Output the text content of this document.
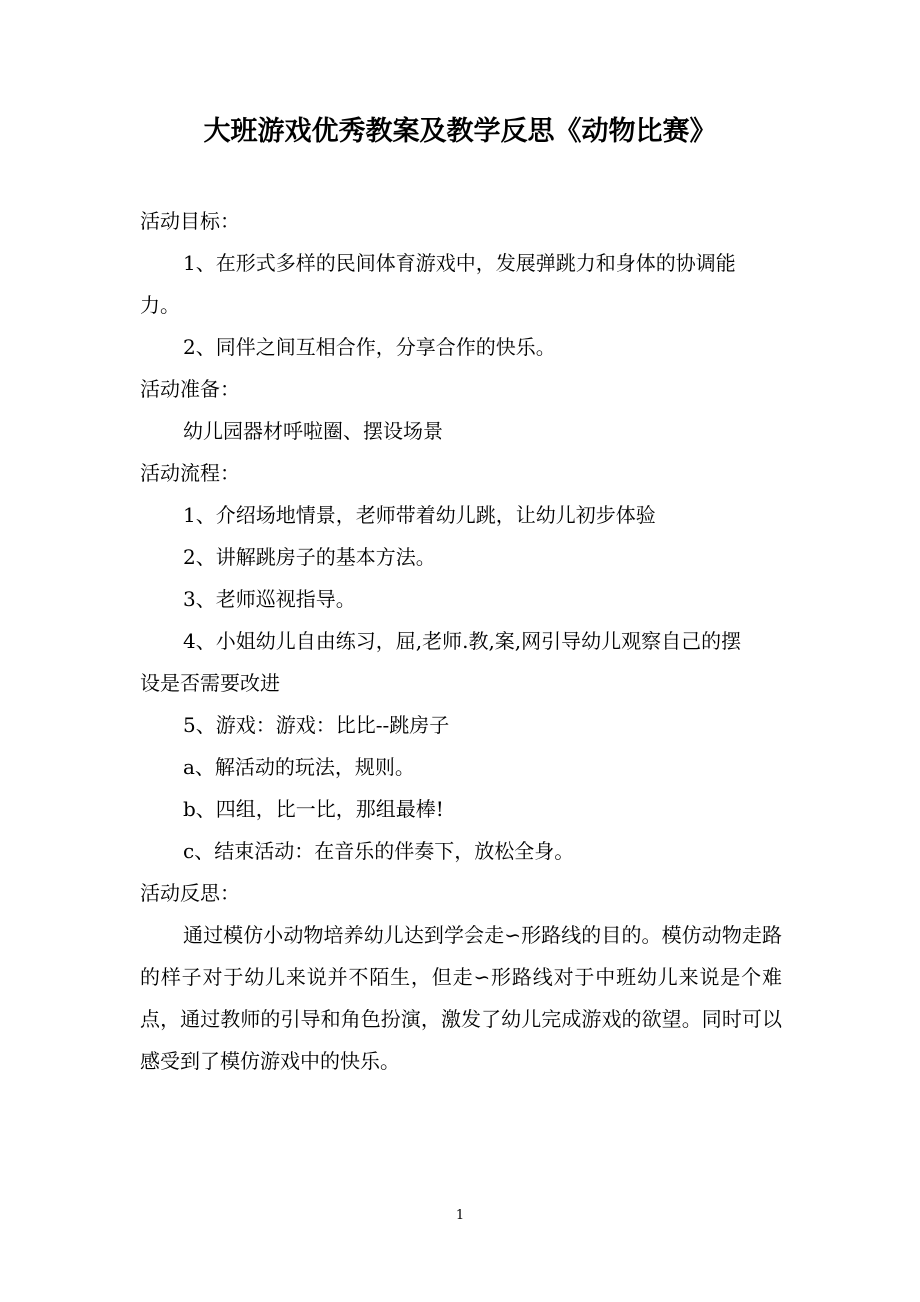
大班游戏优秀教案及教学反思《动物比赛》
活动目标：
1、在形式多样的民间体育游戏中，发展弹跳力和身体的协调能
力。
2、同伴之间互相合作，分享合作的快乐。
活动准备：
幼儿园器材呼啦圈、摆设场景
活动流程：
1、介绍场地情景，老师带着幼儿跳，让幼儿初步体验
2、讲解跳房子的基本方法。
3、老师巡视指导。
4、小姐幼儿自由练习，屈,老师.教,案,网引导幼儿观察自己的摆
设是否需要改进
5、游戏：游戏：比比--跳房子
a、解活动的玩法，规则。
b、四组，比一比，那组最棒!
c、结束活动：在音乐的伴奏下，放松全身。
活动反思：
通过模仿小动物培养幼儿达到学会走∽形路线的目的。模仿动物走路的样子对于幼儿来说并不陌生，但走∽形路线对于中班幼儿来说是个难点，通过教师的引导和角色扮演，激发了幼儿完成游戏的欲望。同时可以感受到了模仿游戏中的快乐。
1
